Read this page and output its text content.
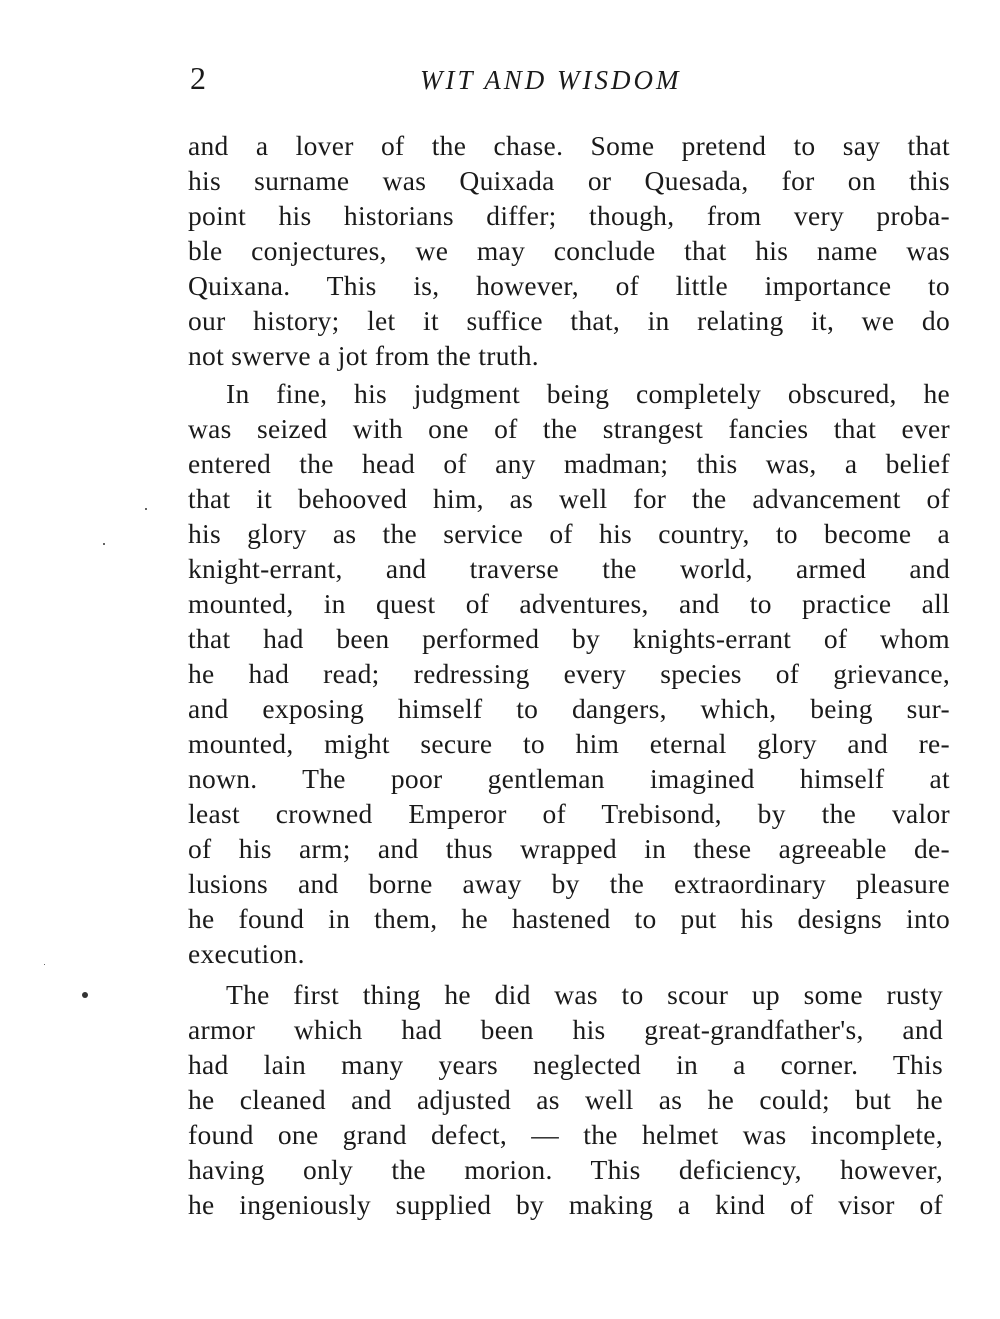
2	WIT AND WISDOM
and a lover of the chase. Some pretend to say that
his surname was Quixada or Quesada, for on this
point his historians differ; though, from very proba-
ble conjectures, we may conclude that his name was
Quixana. This is, however, of little importance to
our history; let it suffice that, in relating it, we do
not swerve a jot from the truth.
In fine, his judgment being completely obscured, he
was seized with one of the strangest fancies that ever
entered the head of any madman; this was, a belief
that it behooved him, as well for the advancement of
his glory as the service of his country, to become a
knight-errant, and traverse the world, armed and
mounted, in quest of adventures, and to practice all
that had been performed by knights-errant of whom
he had read; redressing every species of grievance,
and exposing himself to dangers, which, being sur-
mounted, might secure to him eternal glory and re-
nown. The poor gentleman imagined himself at
least crowned Emperor of Trebisond, by the valor
of his arm; and thus wrapped in these agreeable de-
lusions and borne away by the extraordinary pleasure
he found in them, he hastened to put his designs into
execution.
The first thing he did was to scour up some rusty
armor which had been his great-grandfather's, and
had lain many years neglected in a corner. This
he cleaned and adjusted as well as he could; but he
found one grand defect, — the helmet was incomplete,
having only the morion. This deficiency, however,
he ingeniously supplied by making a kind of visor of
